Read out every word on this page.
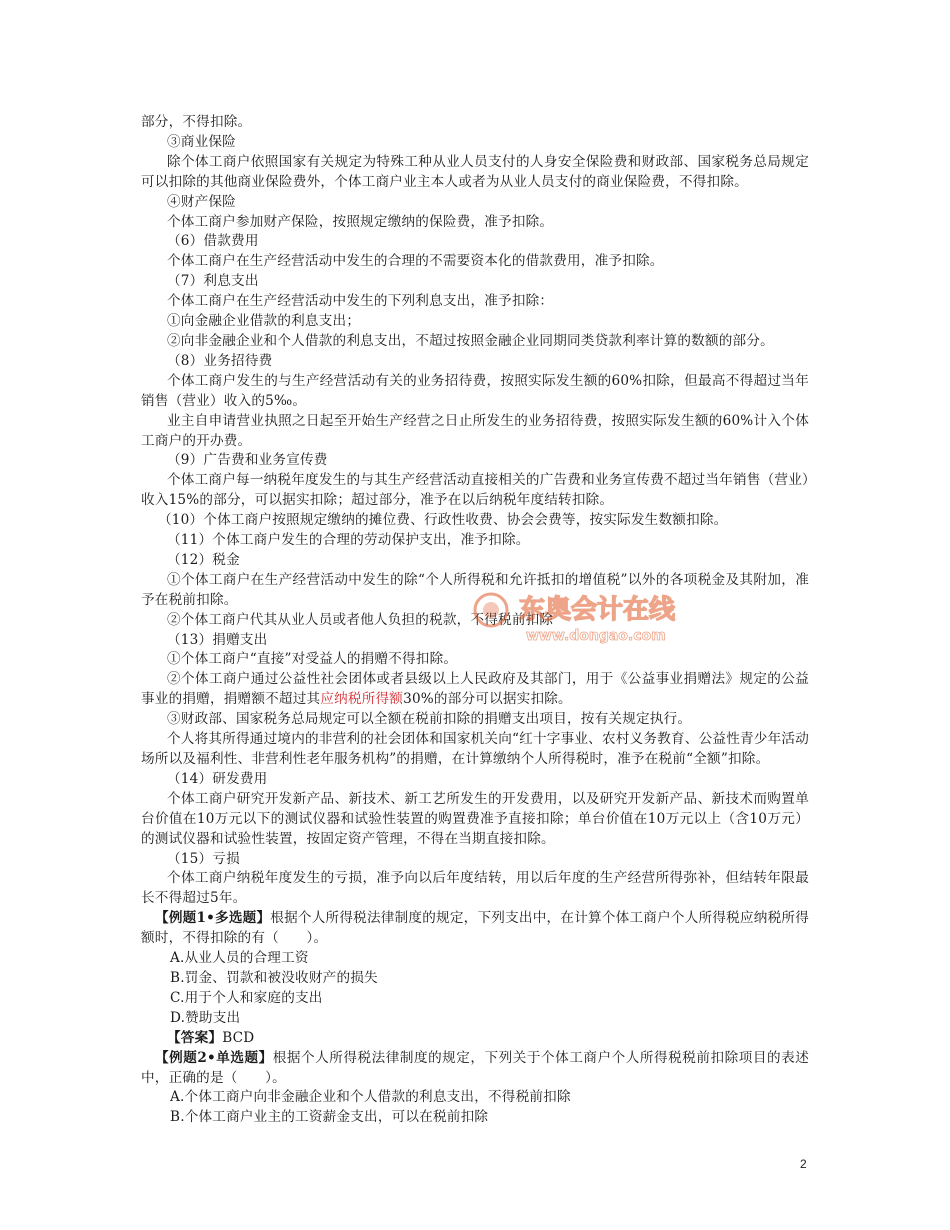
部分，不得扣除。

③商业保险

除个体工商户依照国家有关规定为特殊工种从业人员支付的人身安全保险费和财政部、国家税务总局规定可以扣除的其他商业保险费外，个体工商户业主本人或者为从业人员支付的商业保险费，不得扣除。

④财产保险

个体工商户参加财产保险，按照规定缴纳的保险费，准予扣除。

（6）借款费用

个体工商户在生产经营活动中发生的合理的不需要资本化的借款费用，准予扣除。

（7）利息支出

个体工商户在生产经营活动中发生的下列利息支出，准予扣除：

①向金融企业借款的利息支出；

②向非金融企业和个人借款的利息支出，不超过按照金融企业同期同类贷款利率计算的数额的部分。

（8）业务招待费

个体工商户发生的与生产经营活动有关的业务招待费，按照实际发生额的60%扣除，但最高不得超过当年销售（营业）收入的5‰。

业主自申请营业执照之日起至开始生产经营之日止所发生的业务招待费，按照实际发生额的60%计入个体工商户的开办费。

（9）广告费和业务宣传费

个体工商户每一纳税年度发生的与其生产经营活动直接相关的广告费和业务宣传费不超过当年销售（营业）收入15%的部分，可以据实扣除；超过部分，准予在以后纳税年度结转扣除。

（10）个体工商户按照规定缴纳的摊位费、行政性收费、协会会费等，按实际发生数额扣除。

（11）个体工商户发生的合理的劳动保护支出，准予扣除。

（12）税金

①个体工商户在生产经营活动中发生的除“个人所得税和允许抵扣的增值税”以外的各项税金及其附加，准予在税前扣除。

②个体工商户代其从业人员或者他人负担的税款，不得税前扣除

（13）捐赠支出

①个体工商户“直接”对受益人的捐赠不得扣除。

②个体工商户通过公益性社会团体或者县级以上人民政府及其部门，用于《公益事业捐赠法》规定的公益事业的捐赠，捐赠额不超过其应纳税所得额30%的部分可以据实扣除。

③财政部、国家税务总局规定可以全额在税前扣除的捐赠支出项目，按有关规定执行。

个人将其所得通过境内的非营利的社会团体和国家机关向“红十字事业、农村义务教育、公益性青少年活动场所以及福利性、非营利性老年服务机构”的捐赠，在计算缴纳个人所得税时，准予在税前“全额”扣除。

（14）研发费用

个体工商户研究开发新产品、新技术、新工艺所发生的开发费用，以及研究开发新产品、新技术而购置单台价值在10万元以下的测试仪器和试验性装置的购置费准予直接扣除；单台价值在10万元以上（含10万元）的测试仪器和试验性装置，按固定资产管理，不得在当期直接扣除。

（15）亏损

个体工商户纳税年度发生的亏损，准予向以后年度结转，用以后年度的生产经营所得弥补，但结转年限最长不得超过5年。

【例题1•多选题】根据个人所得税法律制度的规定，下列支出中，在计算个体工商户个人所得税应纳税所得额时，不得扣除的有（　　）。

A.从业人员的合理工资

B.罚金、罚款和被没收财产的损失

C.用于个人和家庭的支出

D.赞助支出

【答案】BCD

【例题2•单选题】根据个人所得税法律制度的规定，下列关于个体工商户个人所得税税前扣除项目的表述中，正确的是（　　）。

A.个体工商户向非金融企业和个人借款的利息支出，不得税前扣除

B.个体工商户业主的工资薪金支出，可以在税前扣除

东奥会计在线
www.dongao.com
2
